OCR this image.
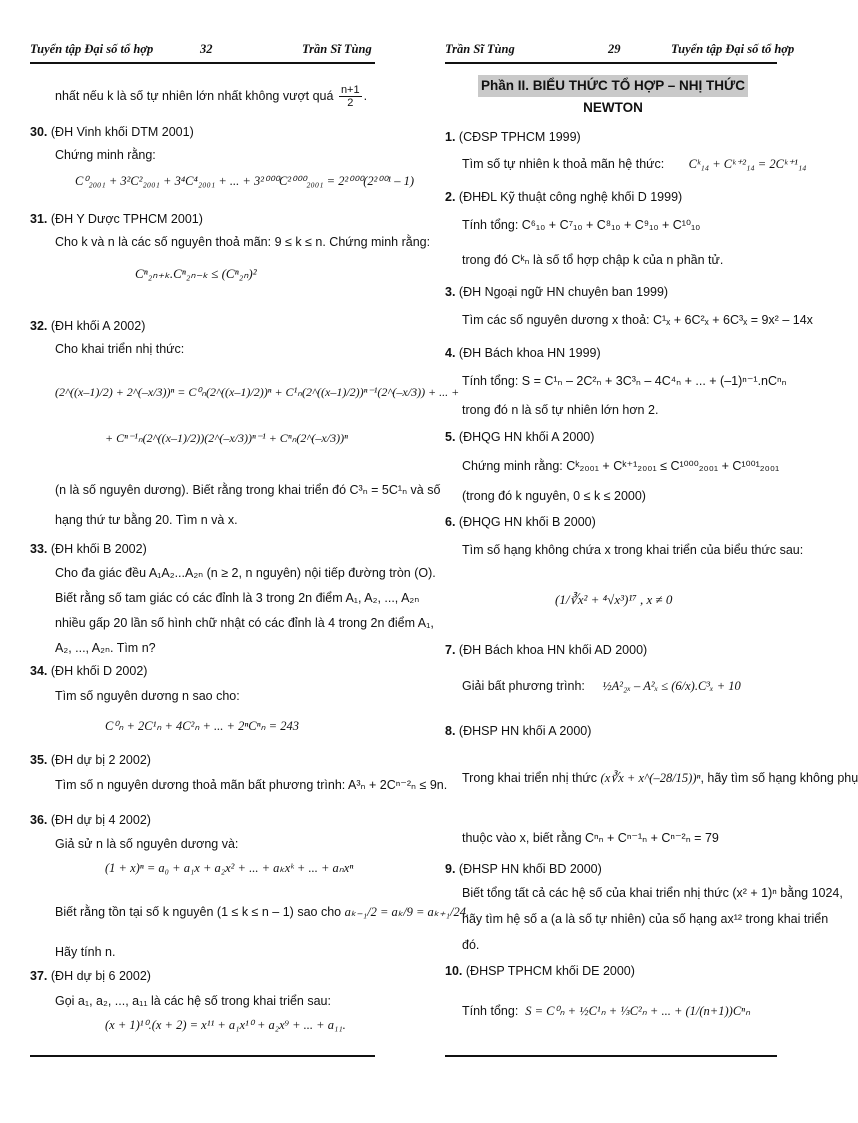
Tuyển tập Đại số tổ hợp	32	Trần Sĩ Tùng
nhất nếu k là số tự nhiên lớn nhất không vượt quá $\frac{n+1}{2}$ .
30. (ĐH Vinh khối DTM 2001)
Chứng minh rằng:
C⁰₂₀₀₁ + 3²C²₂₀₀₁ + 3⁴C⁴₂₀₀₁ + ... + 3²⁰⁰⁰C²⁰⁰⁰₂₀₀₁ = 2²⁰⁰⁰(2²⁰⁰¹ – 1)
31. (ĐH Y Dược TPHCM 2001)
Cho k và n là các số nguyên thoả mãn: 9 ≤ k ≤ n. Chứng minh rằng:
Cⁿ₂ₙ₊ₖ.Cⁿ₂ₙ₋ₖ ≤ (Cⁿ₂ₙ)²
32. (ĐH khối A 2002)
Cho khai triển nhị thức:
(2^((x–1)/2) + 2^(–x/3))ⁿ = C⁰ₙ(2^((x–1)/2))ⁿ + C¹ₙ(2^((x–1)/2))ⁿ⁻¹(2^(–x/3)) + ... +
+ Cⁿ⁻¹ₙ(2^((x–1)/2))(2^(–x/3))ⁿ⁻¹ + Cⁿₙ(2^(–x/3))ⁿ
(n là số nguyên dương). Biết rằng trong khai triển đó C³ₙ = 5C¹ₙ và số
hạng thứ tư bằng 20. Tìm n và x.
33. (ĐH khối B 2002)
Cho đa giác đều A₁A₂...A₂ₙ (n ≥ 2, n nguyên) nội tiếp đường tròn (O).
Biết rằng số tam giác có các đỉnh là 3 trong 2n điểm A₁, A₂, ..., A₂ₙ
nhiều gấp 20 lần số hình chữ nhật có các đỉnh là 4 trong 2n điểm A₁,
A₂, ..., A₂ₙ. Tìm n?
34. (ĐH khối D 2002)
Tìm số nguyên dương n sao cho:
C⁰ₙ + 2C¹ₙ + 4C²ₙ + ... + 2ⁿCⁿₙ = 243
35. (ĐH dự bị 2 2002)
Tìm số n nguyên dương thoả mãn bất phương trình: A³ₙ + 2Cⁿ⁻²ₙ ≤ 9n.
36. (ĐH dự bị 4 2002)
Giả sử n là số nguyên dương và:
(1 + x)ⁿ = a₀ + a₁x + a₂x² + ... + aₖxᵏ + ... + aₙxⁿ
Biết rằng tồn tại số k nguyên (1 ≤ k ≤ n – 1) sao cho aₖ₋₁/2 = aₖ/9 = aₖ₊₁/24.
Hãy tính n.
37. (ĐH dự bị 6 2002)
Gọi a₁, a₂, ..., a₁₁ là các hệ số trong khai triển sau:
(x + 1)¹⁰.(x + 2) = x¹¹ + a₁x¹⁰ + a₂x⁹ + ... + a₁₁.
Trần Sĩ Tùng	29	Tuyển tập Đại số tổ hợp
Phần II. BIỂU THỨC TỔ HỢP – NHỊ THỨC NEWTON
1. (CĐSP TPHCM 1999)
Tìm số tự nhiên k thoả mãn hệ thức: Cᵏ₁₄ + Cᵏ⁺²₁₄ = 2Cᵏ⁺¹₁₄
2. (ĐHĐL Kỹ thuật công nghệ khối D 1999)
Tính tổng: C⁶₁₀ + C⁷₁₀ + C⁸₁₀ + C⁹₁₀ + C¹⁰₁₀
trong đó Cᵏₙ là số tổ hợp chập k của n phần tử.
3. (ĐH Ngoại ngữ HN chuyên ban 1999)
Tìm các số nguyên dương x thoả: C¹ₓ + 6C²ₓ + 6C³ₓ = 9x² – 14x
4. (ĐH Bách khoa HN 1999)
Tính tổng: S = C¹ₙ – 2C²ₙ + 3C³ₙ – 4C⁴ₙ + ... + (–1)ⁿ⁻¹.nCⁿₙ
trong đó n là số tự nhiên lớn hơn 2.
5. (ĐHQG HN khối A 2000)
Chứng minh rằng: Cᵏ₂₀₀₁ + Cᵏ⁺¹₂₀₀₁ ≤ C¹⁰⁰⁰₂₀₀₁ + C¹⁰⁰¹₂₀₀₁
(trong đó k nguyên, 0 ≤ k ≤ 2000)
6. (ĐHQG HN khối B 2000)
Tìm số hạng không chứa x trong khai triển của biểu thức sau:
(1/∛x² + ⁴√x³)¹⁷ , x ≠ 0
7. (ĐH Bách khoa HN khối AD 2000)
Giải bất phương trình: ½A²₂ₓ – A²ₓ ≤ (6/x).C³ₓ + 10
8. (ĐHSP HN khối A 2000)
Trong khai triển nhị thức (x∛x + x^(–28/15))ⁿ, hãy tìm số hạng không phụ
thuộc vào x, biết rằng Cⁿₙ + Cⁿ⁻¹ₙ + Cⁿ⁻²ₙ = 79
9. (ĐHSP HN khối BD 2000)
Biết tổng tất cả các hệ số của khai triển nhị thức (x² + 1)ⁿ bằng 1024,
hãy tìm hệ số a (a là số tự nhiên) của số hạng ax¹² trong khai triển
đó.
10. (ĐHSP TPHCM khối DE 2000)
Tính tổng: S = C⁰ₙ + ½C¹ₙ + ⅓C²ₙ + ... + (1/(n+1))Cⁿₙ
